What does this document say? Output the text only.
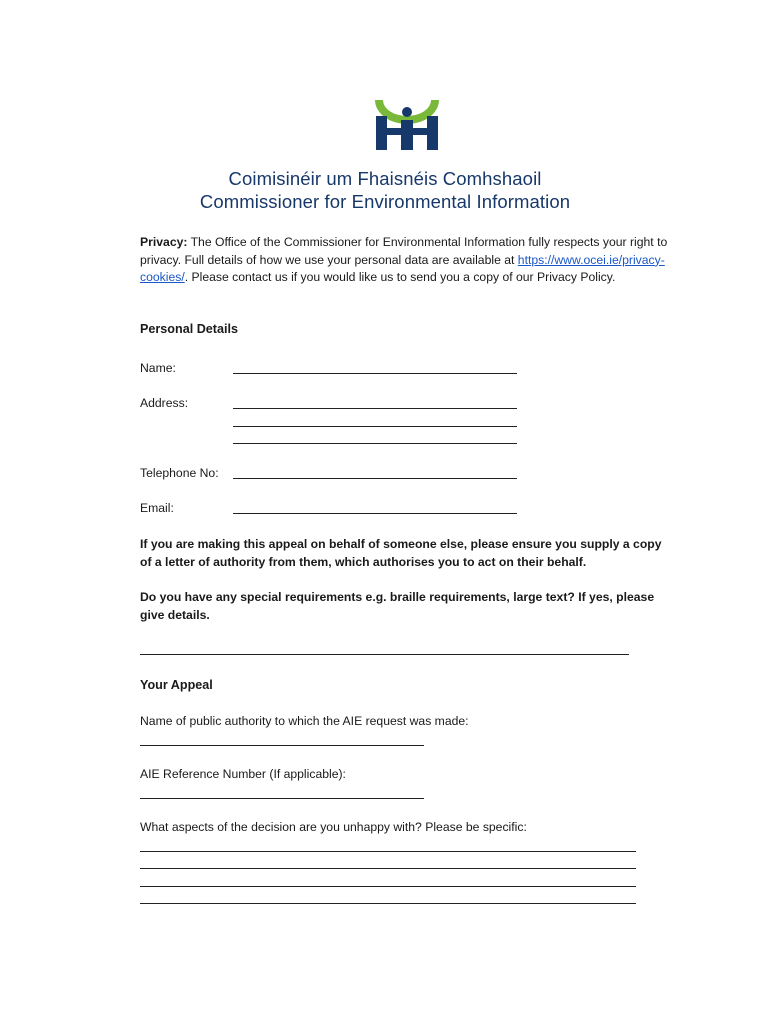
Coimisinéir um Fhaisnéis Comhshaoil
Commissioner for Environmental Information
Privacy: The Office of the Commissioner for Environmental Information fully respects your right to privacy. Full details of how we use your personal data are available at https://www.ocei.ie/privacy-cookies/. Please contact us if you would like us to send you a copy of our Privacy Policy.
Personal Details
Name:
Address:
Telephone No:
Email:
If you are making this appeal on behalf of someone else, please ensure you supply a copy of a letter of authority from them, which authorises you to act on their behalf.
Do you have any special requirements e.g. braille requirements, large text? If yes, please give details.
Your Appeal
Name of public authority to which the AIE request was made:
AIE Reference Number (If applicable):
What aspects of the decision are you unhappy with? Please be specific:
